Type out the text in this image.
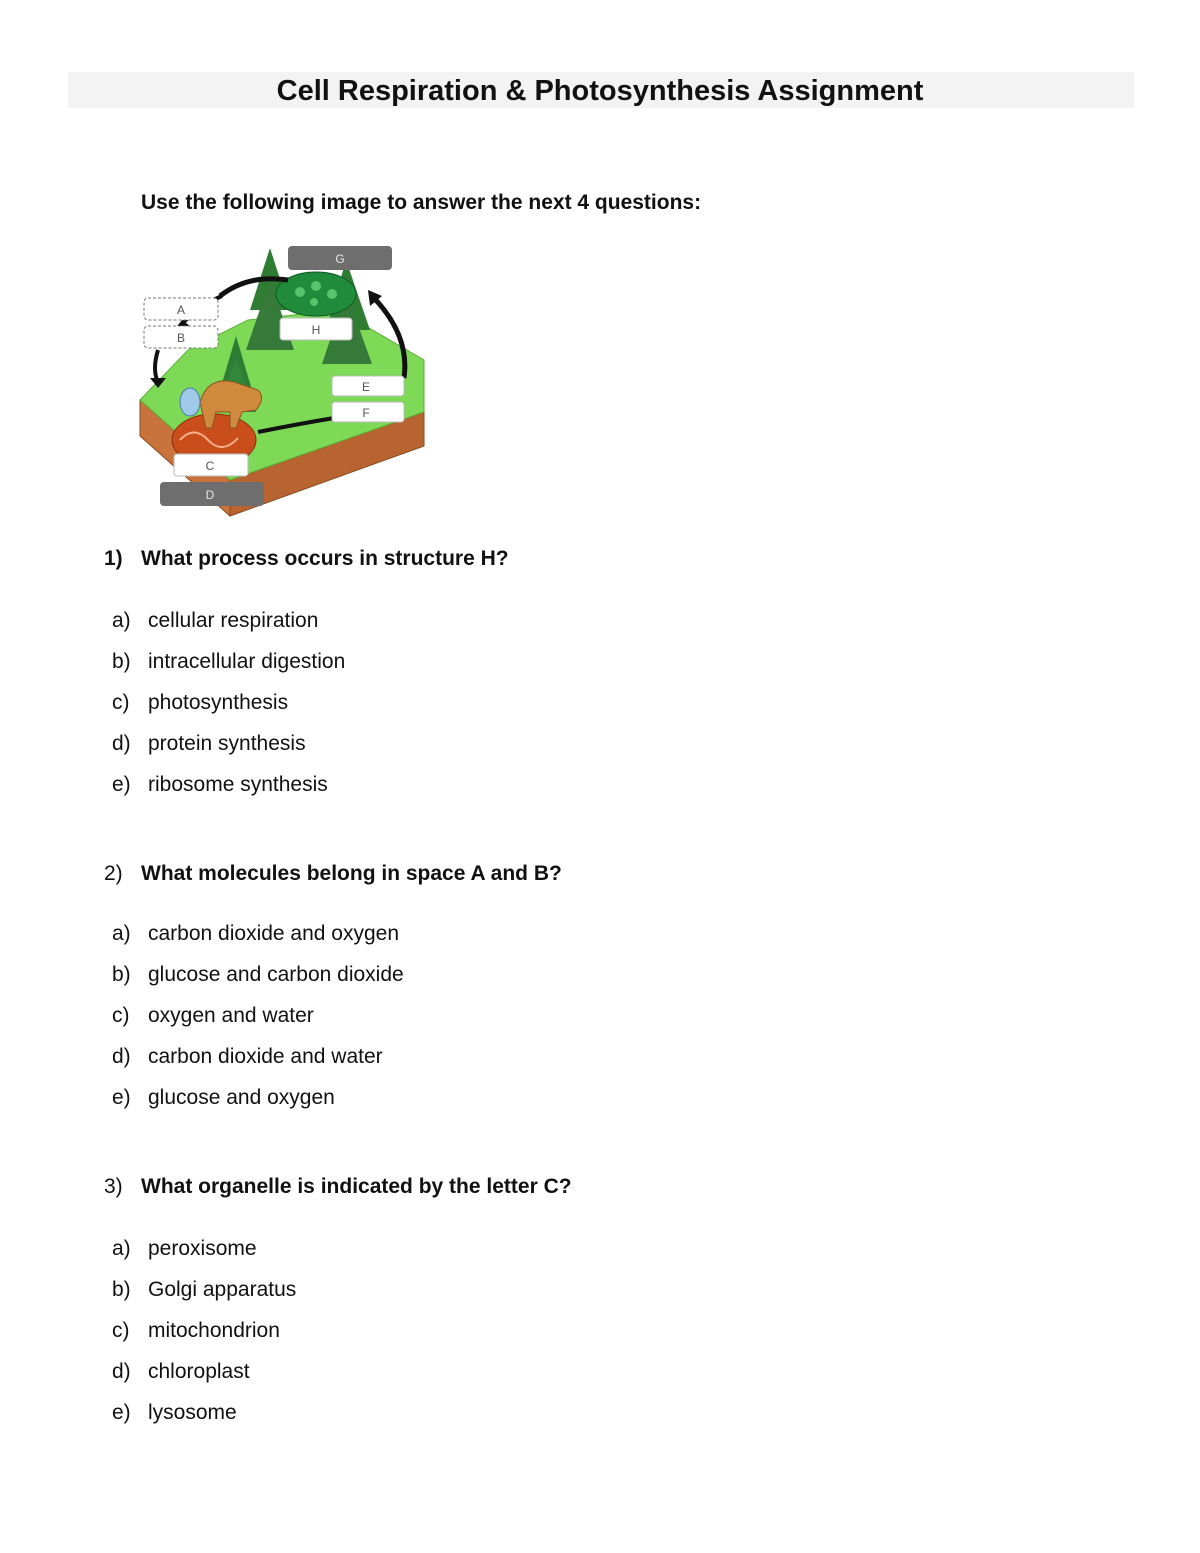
Cell Respiration & Photosynthesis Assignment
Use the following image to answer the next 4 questions:
A
B
G
H
E
F
C
D
1) What process occurs in structure H?
a) cellular respiration
b) intracellular digestion
c) photosynthesis
d) protein synthesis
e) ribosome synthesis
2) What molecules belong in space A and B?
a) carbon dioxide and oxygen
b) glucose and carbon dioxide
c) oxygen and water
d) carbon dioxide and water
e) glucose and oxygen
3) What organelle is indicated by the letter C?
a) peroxisome
b) Golgi apparatus
c) mitochondrion
d) chloroplast
e) lysosome
